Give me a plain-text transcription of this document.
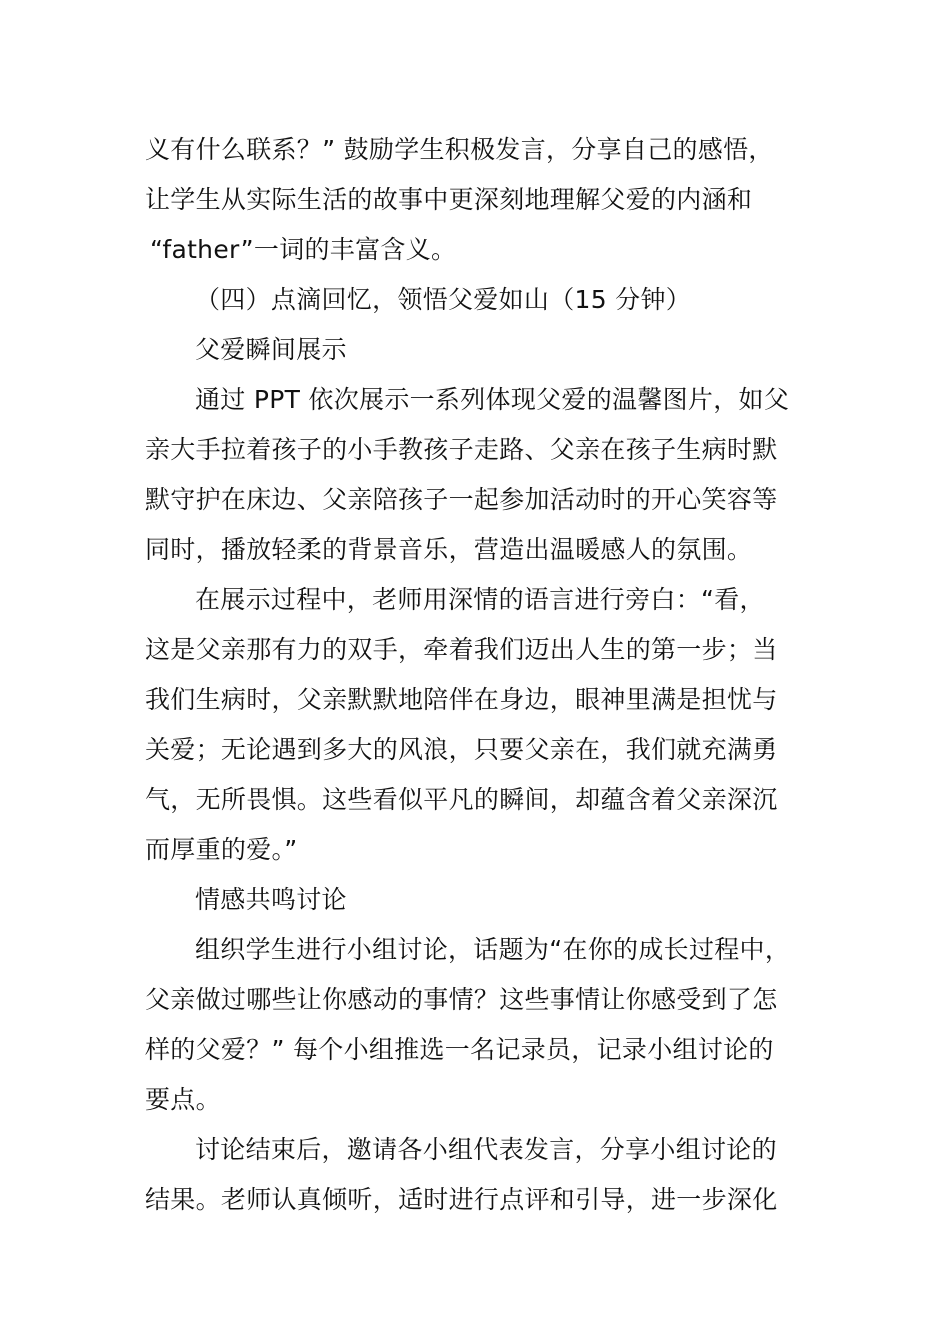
义有什么联系？” 鼓励学生积极发言，分享自己的感悟，
让学生从实际生活的故事中更深刻地理解父爱的内涵和
“father”一词的丰富含义。
（四）点滴回忆，领悟父爱如山（15 分钟）
父爱瞬间展示
通过 PPT 依次展示一系列体现父爱的温馨图片，如父
亲大手拉着孩子的小手教孩子走路、父亲在孩子生病时默
默守护在床边、父亲陪孩子一起参加活动时的开心笑容等
同时，播放轻柔的背景音乐，营造出温暖感人的氛围。
在展示过程中，老师用深情的语言进行旁白：“看，
这是父亲那有力的双手，牵着我们迈出人生的第一步；当
我们生病时，父亲默默地陪伴在身边，眼神里满是担忧与
关爱；无论遇到多大的风浪，只要父亲在，我们就充满勇
气，无所畏惧。这些看似平凡的瞬间，却蕴含着父亲深沉
而厚重的爱。”
情感共鸣讨论
组织学生进行小组讨论，话题为“在你的成长过程中，
父亲做过哪些让你感动的事情？这些事情让你感受到了怎
样的父爱？” 每个小组推选一名记录员，记录小组讨论的
要点。
讨论结束后，邀请各小组代表发言，分享小组讨论的
结果。老师认真倾听，适时进行点评和引导，进一步深化
